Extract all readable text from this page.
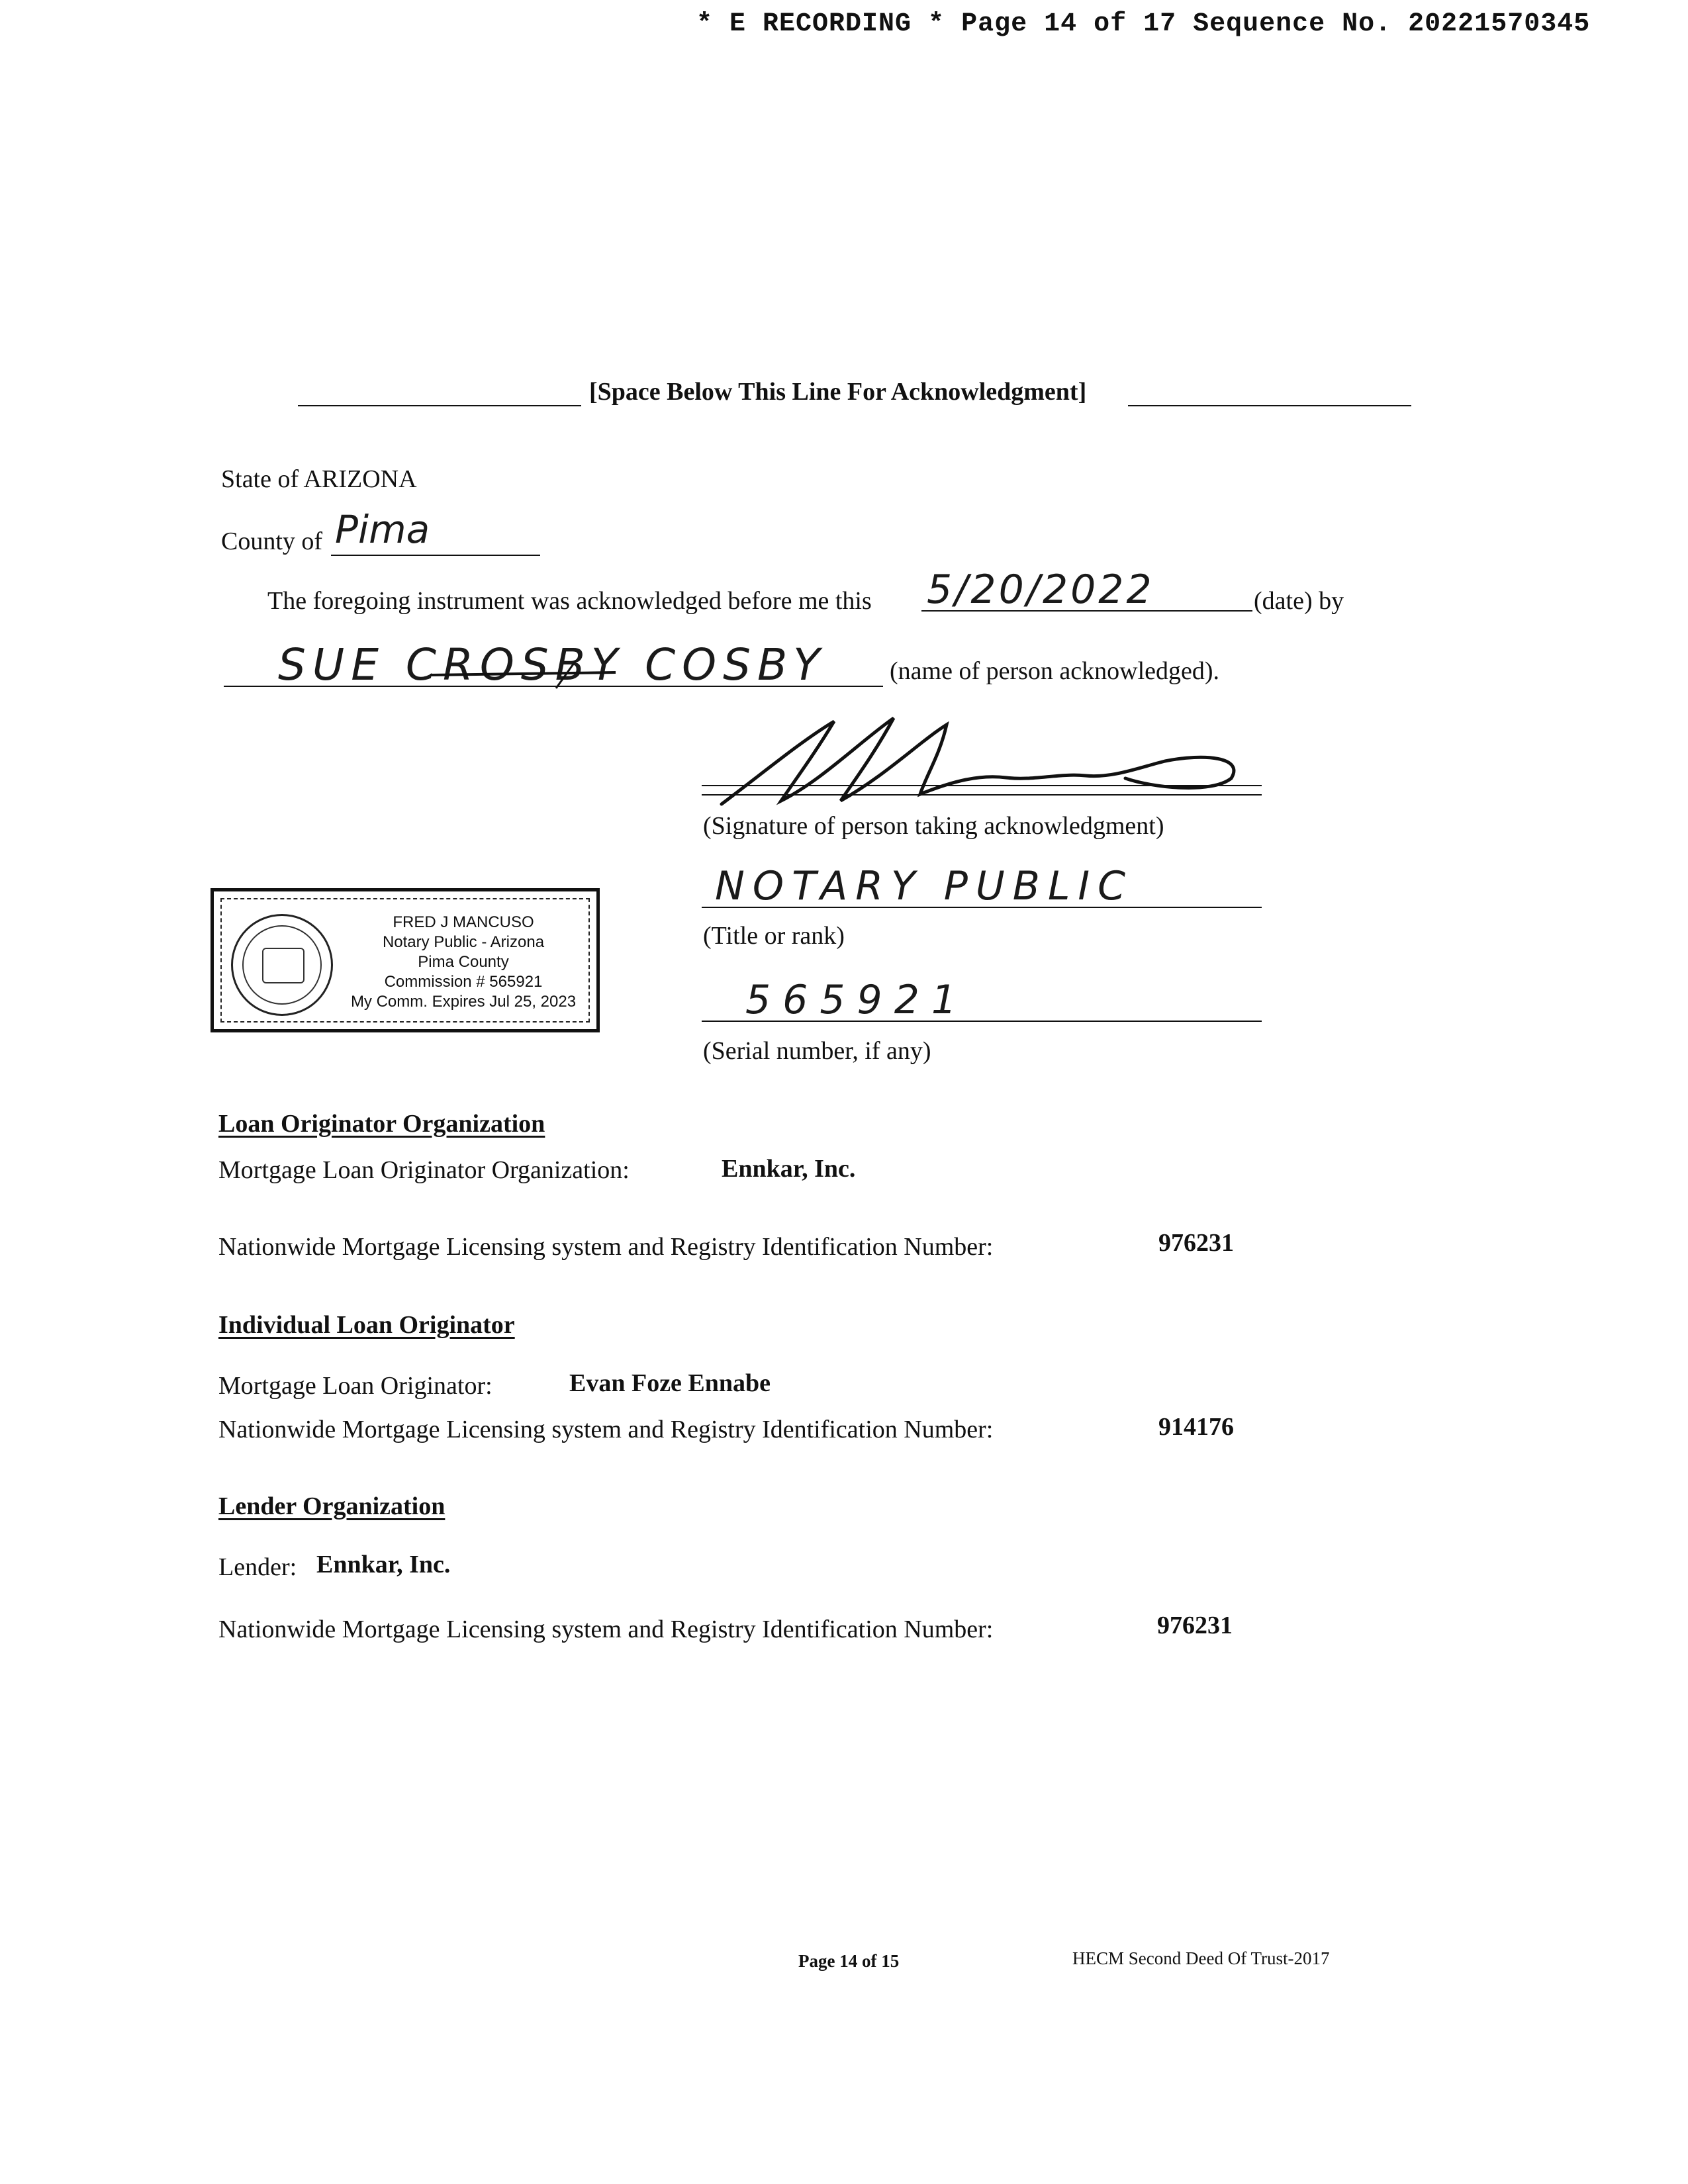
* E RECORDING * Page 14 of 17 Sequence No. 20221570345
[Space Below This Line For Acknowledgment]
State of ARIZONA
County of Pima
The foregoing instrument was acknowledged before me this 5/20/2022	(date) by
SUE CROSBY COSBY	(name of person acknowledged).
(Signature of person taking acknowledgment)
NOTARY PUBLIC
(Title or rank)
565921
(Serial number, if any)
FRED J MANCUSO
Notary Public - Arizona
Pima County
Commission # 565921
My Comm. Expires Jul 25, 2023
Loan Originator Organization
Mortgage Loan Originator Organization:	Ennkar, Inc.
Nationwide Mortgage Licensing system and Registry Identification Number:	976231
Individual Loan Originator
Mortgage Loan Originator:	Evan Foze Ennabe
Nationwide Mortgage Licensing system and Registry Identification Number:	914176
Lender Organization
Lender: Ennkar, Inc.
Nationwide Mortgage Licensing system and Registry Identification Number:	976231
Page 14 of 15	HECM Second Deed Of Trust-2017
